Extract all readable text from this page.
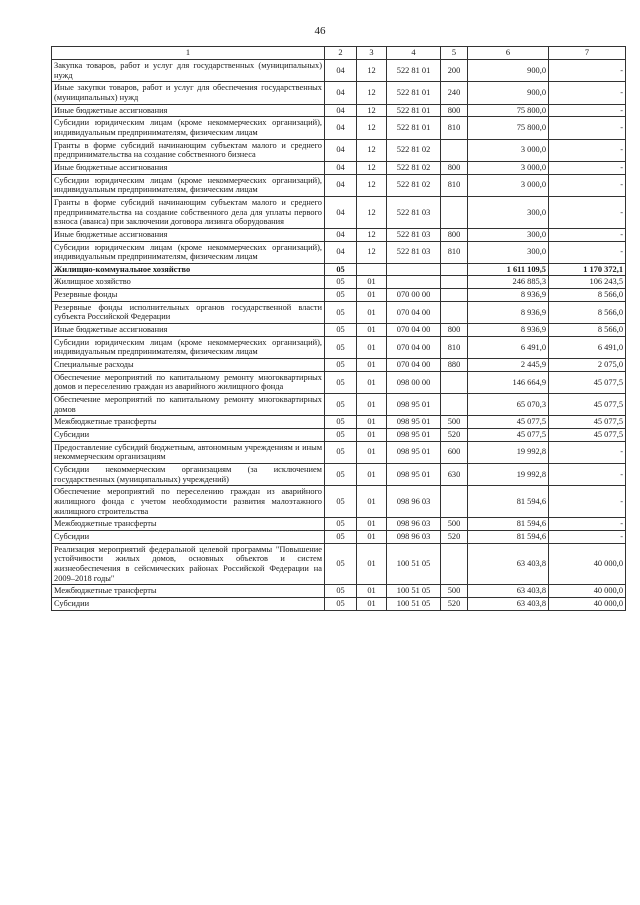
46
1	2	3	4	5	6	7
Закупка товаров, работ и услуг для государственных (муниципальных) нужд	04	12	522 81 01	200	900,0	-
Иные закупки товаров, работ и услуг для обеспечения государственных (муниципальных) нужд	04	12	522 81 01	240	900,0	-
Иные бюджетные ассигнования	04	12	522 81 01	800	75 800,0	-
Субсидии юридическим лицам (кроме некоммерческих организаций), индивидуальным предпринимателям, физическим лицам	04	12	522 81 01	810	75 800,0	-
Гранты в форме субсидий начинающим субъектам малого и среднего предпринимательства на создание собственного бизнеса	04	12	522 81 02		3 000,0	-
Иные бюджетные ассигнования	04	12	522 81 02	800	3 000,0	-
Субсидии юридическим лицам (кроме некоммерческих организаций), индивидуальным предпринимателям, физическим лицам	04	12	522 81 02	810	3 000,0	-
Гранты в форме субсидий начинающим субъектам малого и среднего предпринимательства на создание собственного дела для уплаты первого взноса (аванса) при заключении договора лизинга оборудования	04	12	522 81 03		300,0	-
Иные бюджетные ассигнования	04	12	522 81 03	800	300,0	-
Субсидии юридическим лицам (кроме некоммерческих организаций), индивидуальным предпринимателям, физическим лицам	04	12	522 81 03	810	300,0	-
Жилищно-коммунальное хозяйство	05				1 611 109,5	1 170 372,1
Жилищное хозяйство	05	01			246 885,3	106 243,5
Резервные фонды	05	01	070 00 00		8 936,9	8 566,0
Резервные фонды исполнительных органов государственной власти субъекта Российской Федерации	05	01	070 04 00		8 936,9	8 566,0
Иные бюджетные ассигнования	05	01	070 04 00	800	8 936,9	8 566,0
Субсидии юридическим лицам (кроме некоммерческих организаций), индивидуальным предпринимателям, физическим лицам	05	01	070 04 00	810	6 491,0	6 491,0
Специальные расходы	05	01	070 04 00	880	2 445,9	2 075,0
Обеспечение мероприятий по капитальному ремонту многоквартирных домов и переселению граждан из аварийного жилищного фонда	05	01	098 00 00		146 664,9	45 077,5
Обеспечение мероприятий по капитальному ремонту многоквартирных домов	05	01	098 95 01		65 070,3	45 077,5
Межбюджетные трансферты	05	01	098 95 01	500	45 077,5	45 077,5
Субсидии	05	01	098 95 01	520	45 077,5	45 077,5
Предоставление субсидий бюджетным, автономным учреждениям и иным некоммерческим организациям	05	01	098 95 01	600	19 992,8	-
Субсидии некоммерческим организациям (за исключением государственных (муниципальных) учреждений)	05	01	098 95 01	630	19 992,8	-
Обеспечение мероприятий по переселению граждан из аварийного жилищного фонда с учетом необходимости развития малоэтажного жилищного строительства	05	01	098 96 03		81 594,6	-
Межбюджетные трансферты	05	01	098 96 03	500	81 594,6	-
Субсидии	05	01	098 96 03	520	81 594,6	-
Реализация мероприятий федеральной целевой программы "Повышение устойчивости жилых домов, основных объектов и систем жизнеобеспечения в сейсмических районах Российской Федерации на 2009–2018 годы"	05	01	100 51 05		63 403,8	40 000,0
Межбюджетные трансферты	05	01	100 51 05	500	63 403,8	40 000,0
Субсидии	05	01	100 51 05	520	63 403,8	40 000,0
